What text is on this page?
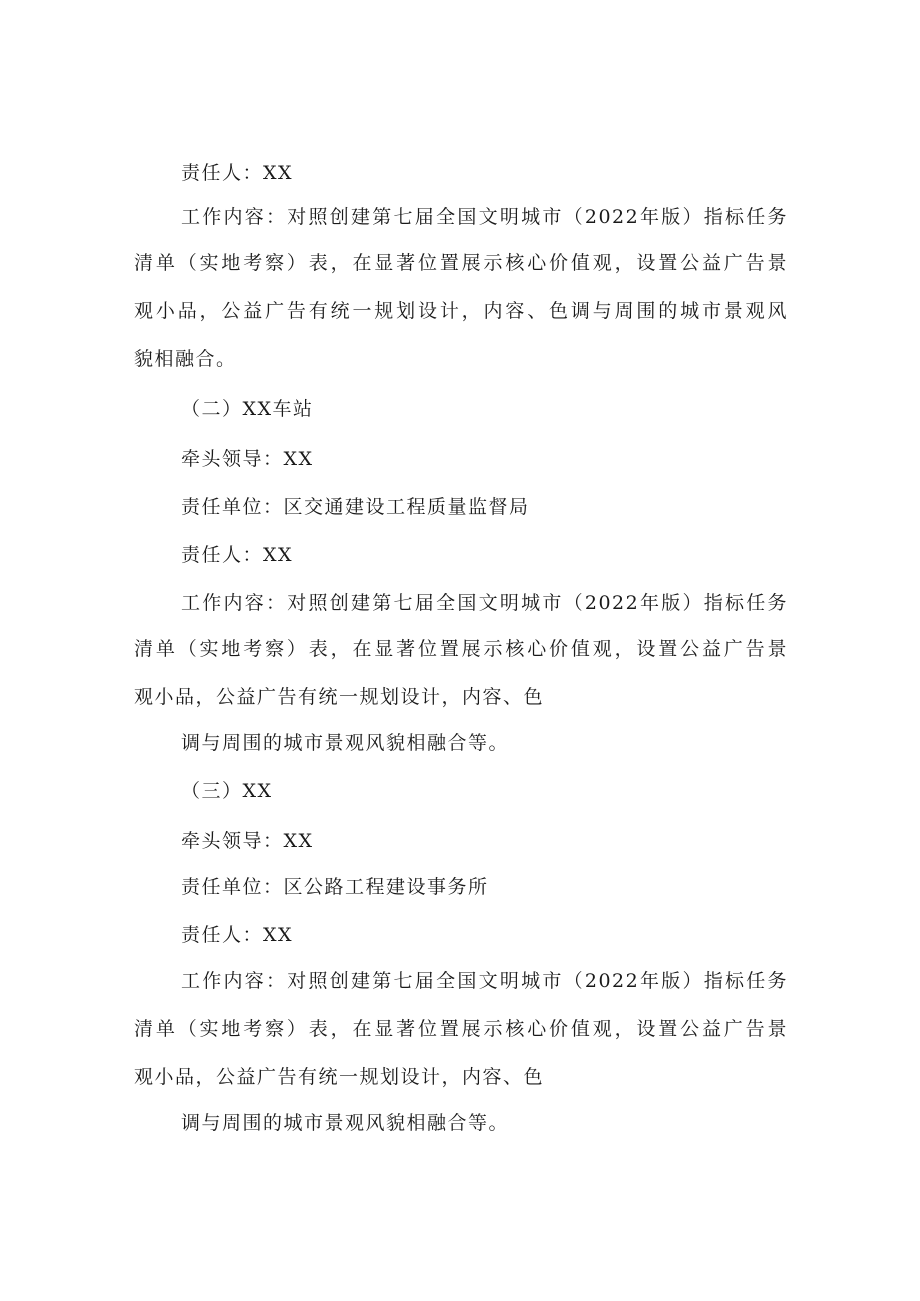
责任人：XX
工作内容：对照创建第七届全国文明城市（2022年版）指标任务
清单（实地考察）表，在显著位置展示核心价值观，设置公益广告景
观小品，公益广告有统一规划设计，内容、色调与周围的城市景观风
貌相融合。
（二）XX车站
牵头领导：XX
责任单位：区交通建设工程质量监督局
责任人：XX
工作内容：对照创建第七届全国文明城市（2022年版）指标任务
清单（实地考察）表，在显著位置展示核心价值观，设置公益广告景
观小品，公益广告有统一规划设计，内容、色
调与周围的城市景观风貌相融合等。
（三）XX
牵头领导：XX
责任单位：区公路工程建设事务所
责任人：XX
工作内容：对照创建第七届全国文明城市（2022年版）指标任务
清单（实地考察）表，在显著位置展示核心价值观，设置公益广告景
观小品，公益广告有统一规划设计，内容、色
调与周围的城市景观风貌相融合等。
